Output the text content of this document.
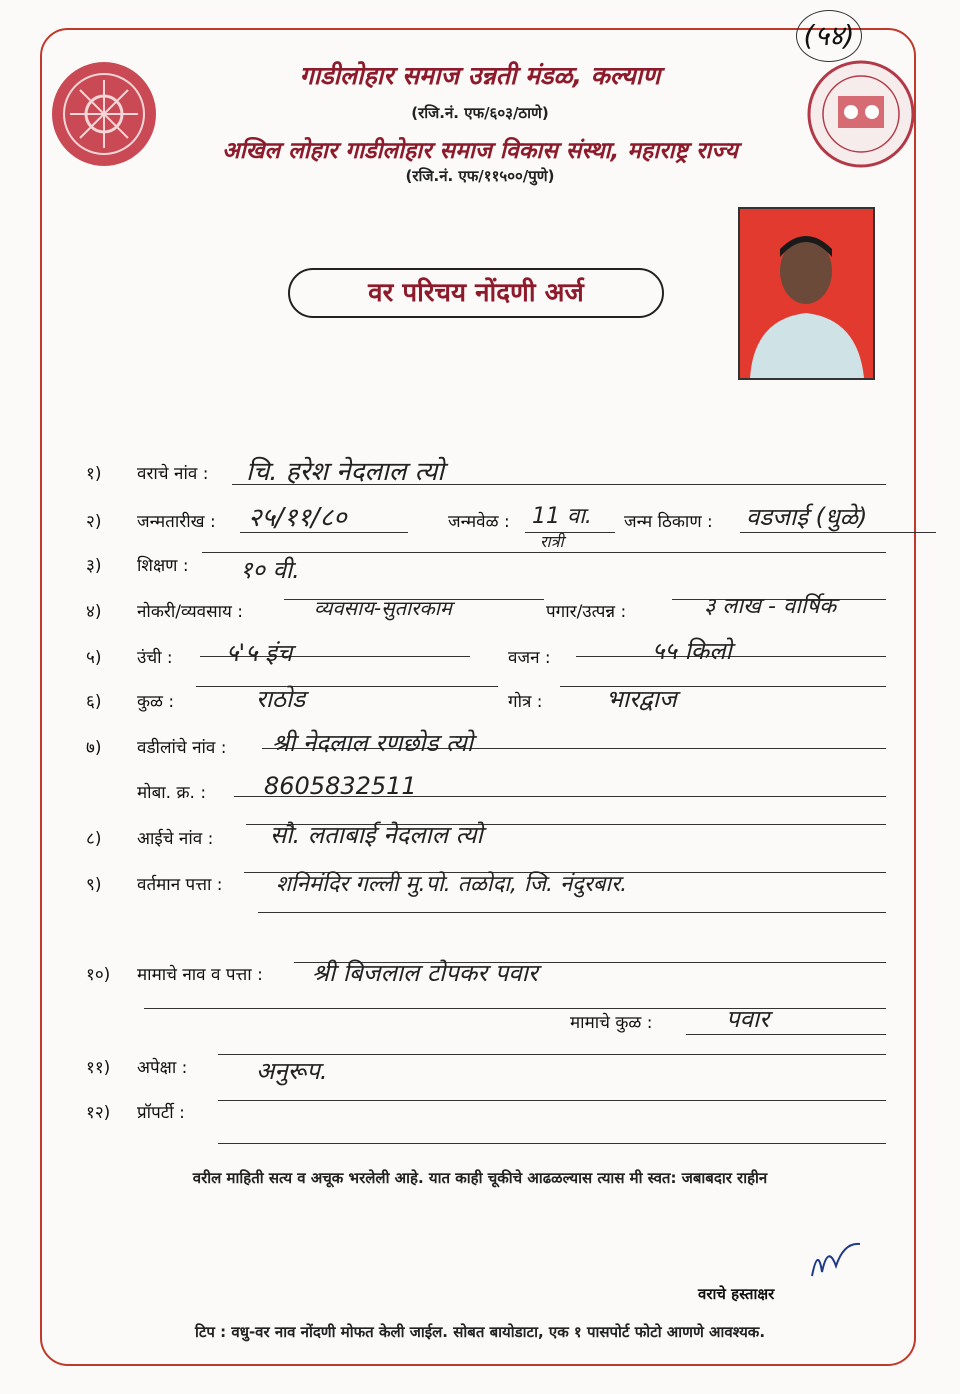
(५४)
गाडीलोहार समाज उन्नती मंडळ, कल्याण
(रजि.नं. एफ/६०३/ठाणे)
अखिल लोहार गाडीलोहार समाज विकास संस्था, महाराष्ट्र राज्य
(रजि.नं. एफ/११५००/पुणे)
वर परिचय नोंदणी अर्ज
१) वराचे नांव : चि. हरेश नेदलाल त्यो
२) जन्मतारीख : २५/११/८०	जन्मवेळ : 11 वा.
रात्री
जन्म ठिकाण : वडजाई (धुळे)
३) शिक्षण : १० वी.
४) नोकरी/व्यवसाय :	व्यवसाय-सुतारकाम	पगार/उत्पन्न :	३ लाख - वार्षिक
५) उंची : ५'५ इंच	वजन :	५५ किलो
६) कुळ :	राठोड	गोत्र :	भारद्वाज
७) वडीलांचे नांव : श्री नेदलाल रणछोड त्यो
मोबा. क्र. : 8605832511
८) आईचे नांव : सौ. लताबाई नेदलाल त्यो
९) वर्तमान पत्ता : शनिमंदिर गल्ली मु.पो. तळोदा, जि. नंदुरबार.
१०) मामाचे नाव व पत्ता : श्री बिजलाल टोपकर पवार
मामाचे कुळ :	पवार
११) अपेक्षा :	अनुरूप.
१२) प्रॉपर्टी :
वरील माहिती सत्य व अचूक भरलेली आहे. यात काही चूकीचे आढळल्यास त्यास मी स्वत: जबाबदार राहीन
वराचे हस्ताक्षर
टिप : वधु-वर नाव नोंदणी मोफत केली जाईल. सोबत बायोडाटा, एक १ पासपोर्ट फोटो आणणे आवश्यक.
